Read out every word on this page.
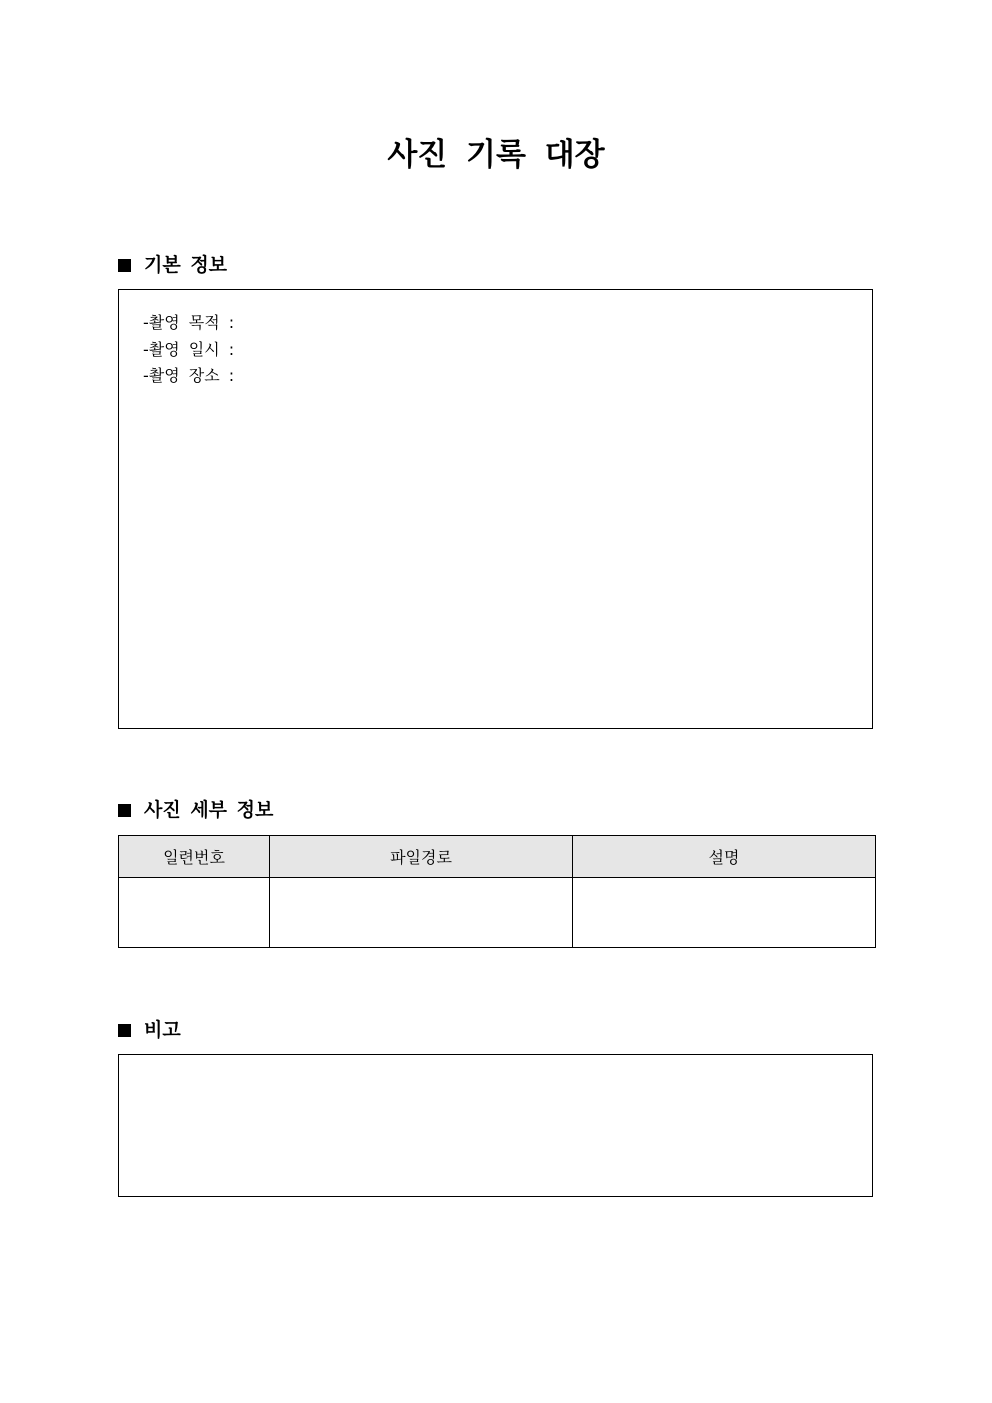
사진 기록 대장
기본 정보
-촬영 목적 :
-촬영 일시 :
-촬영 장소 :
사진 세부 정보
일련번호	파일경로	설명

비고
